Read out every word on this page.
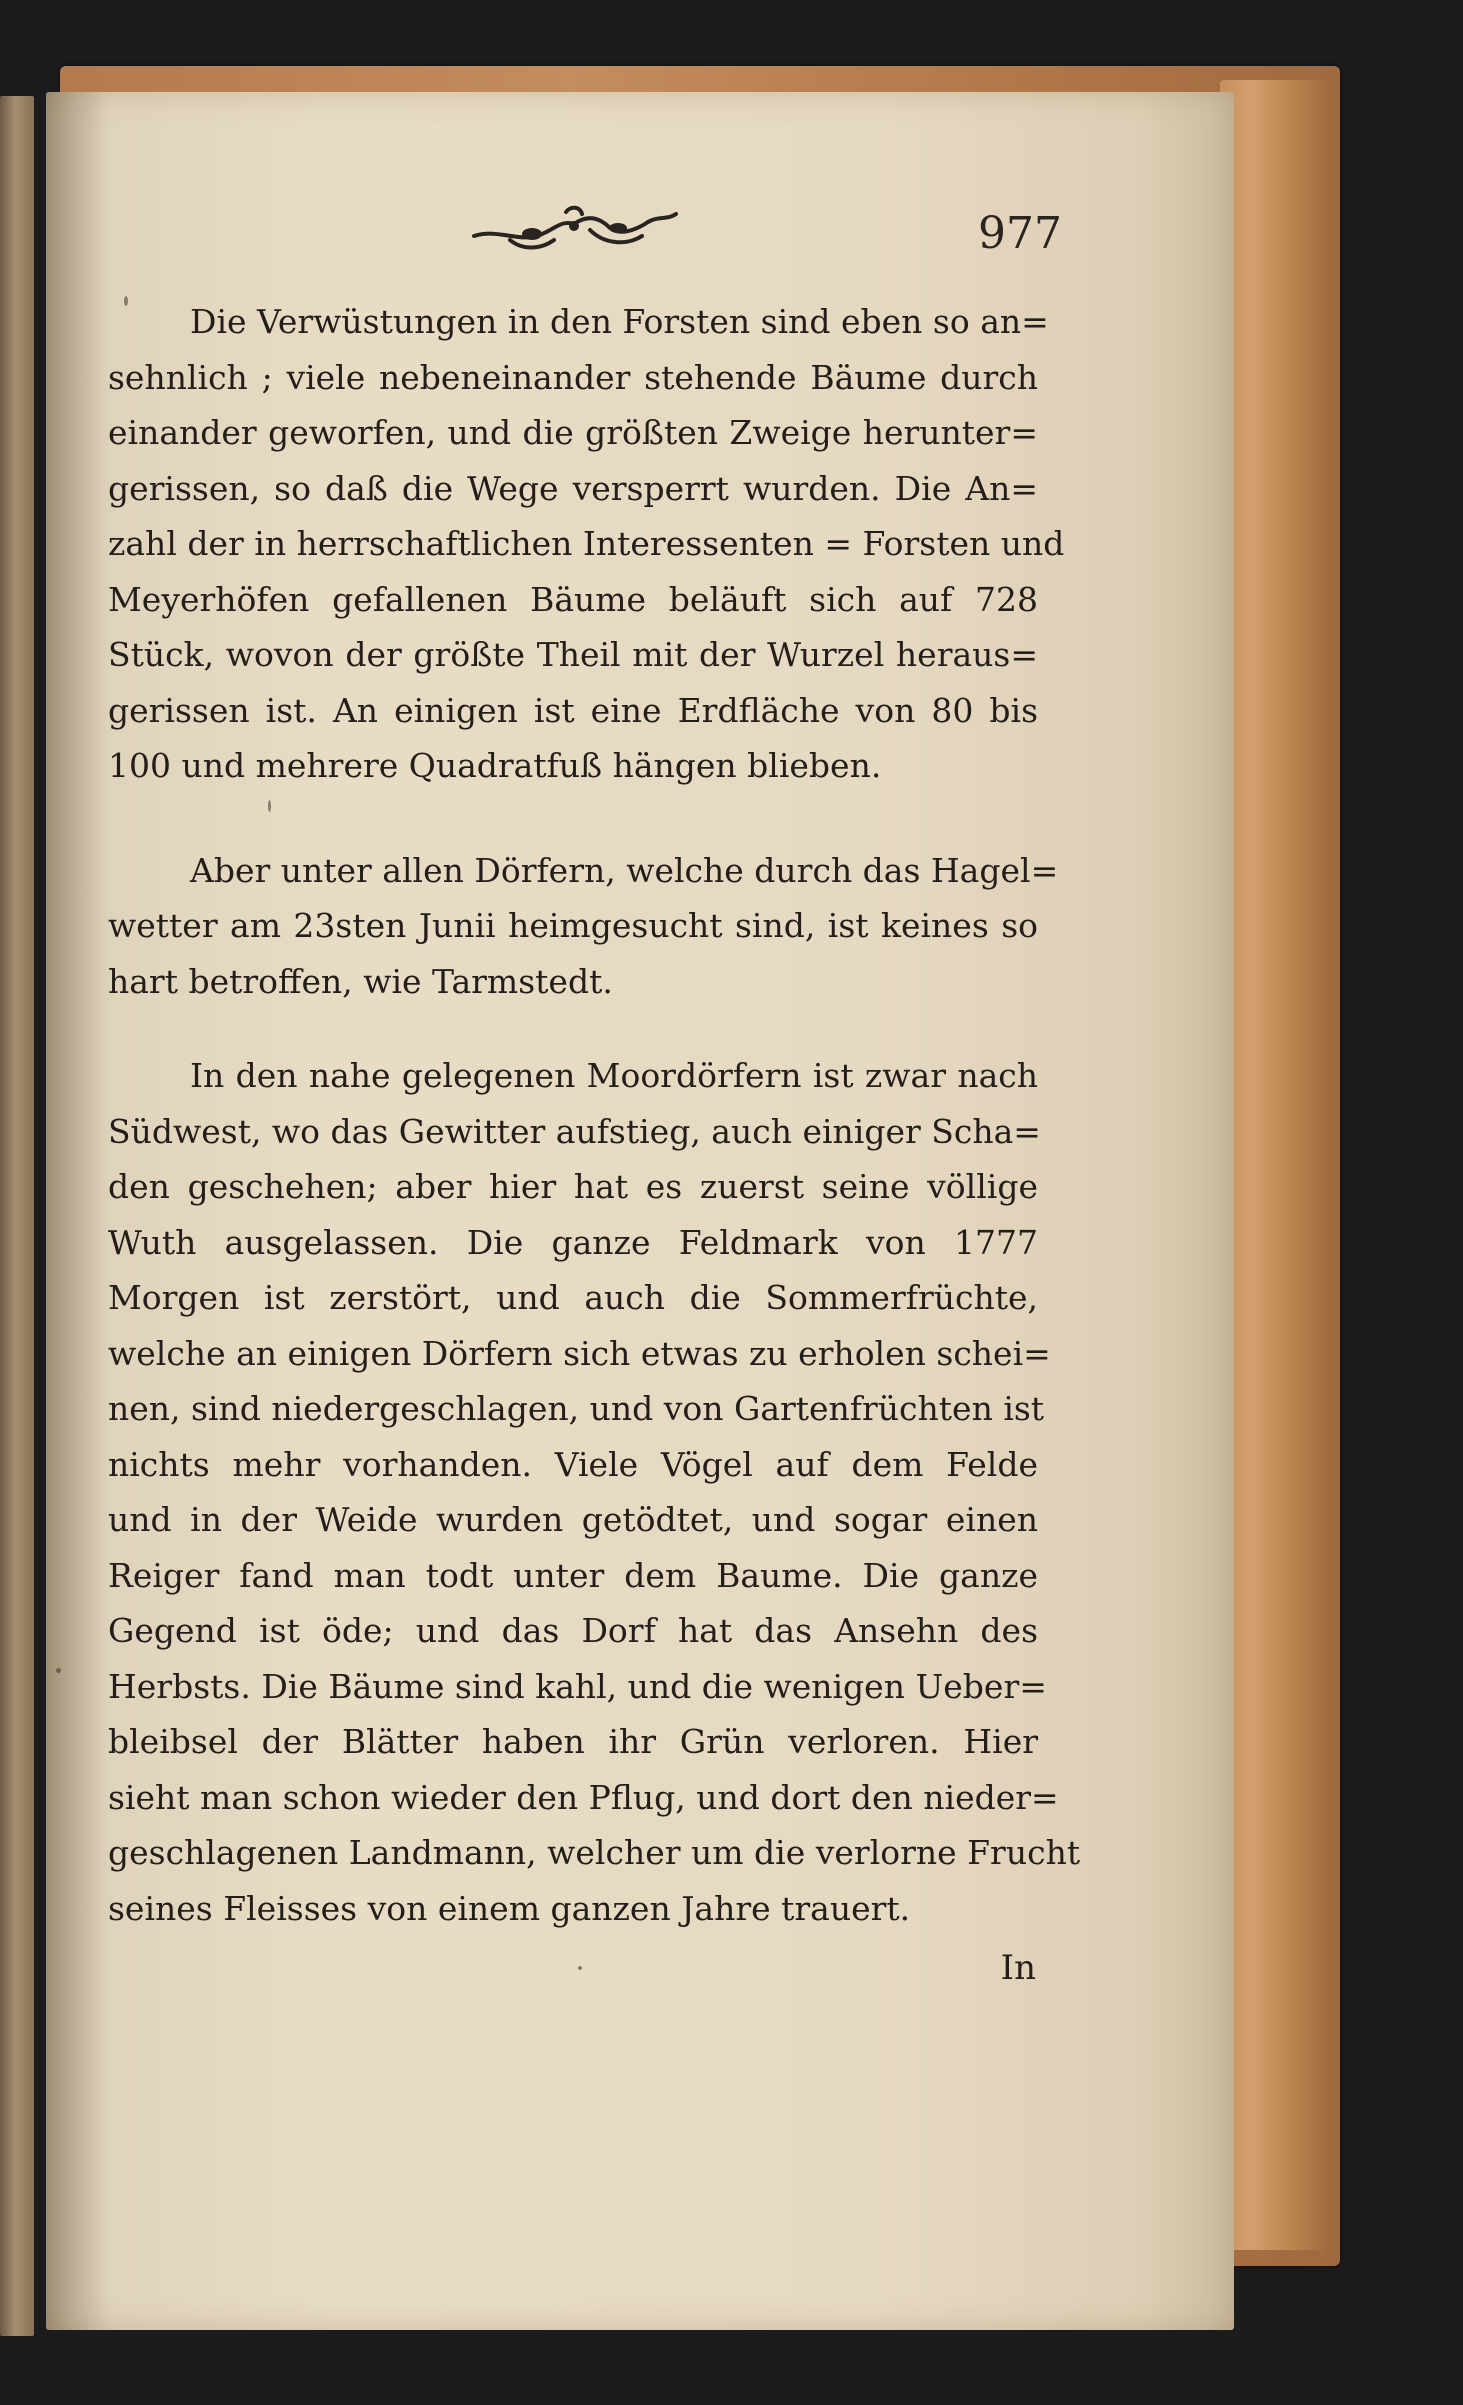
977

Die Verwüstungen in den Forsten sind eben so an=
sehnlich ; viele nebeneinander stehende Bäume durch
einander geworfen, und die größten Zweige herunter=
gerissen, so daß die Wege versperrt wurden. Die An=
zahl der in herrschaftlichen Interessenten = Forsten und
Meyerhöfen gefallenen Bäume beläuft sich auf 728
Stück, wovon der größte Theil mit der Wurzel heraus=
gerissen ist. An einigen ist eine Erdfläche von 80 bis
100 und mehrere Quadratfuß hängen blieben.

Aber unter allen Dörfern, welche durch das Hagel=
wetter am 23sten Junii heimgesucht sind, ist keines so
hart betroffen, wie Tarmstedt.

In den nahe gelegenen Moordörfern ist zwar nach
Südwest, wo das Gewitter aufstieg, auch einiger Scha=
den geschehen; aber hier hat es zuerst seine völlige
Wuth ausgelassen. Die ganze Feldmark von 1777
Morgen ist zerstört, und auch die Sommerfrüchte,
welche an einigen Dörfern sich etwas zu erholen schei=
nen, sind niedergeschlagen, und von Gartenfrüchten ist
nichts mehr vorhanden. Viele Vögel auf dem Felde
und in der Weide wurden getödtet, und sogar einen
Reiger fand man todt unter dem Baume. Die ganze
Gegend ist öde; und das Dorf hat das Ansehn des
Herbsts. Die Bäume sind kahl, und die wenigen Ueber=
bleibsel der Blätter haben ihr Grün verloren. Hier
sieht man schon wieder den Pflug, und dort den nieder=
geschlagenen Landmann, welcher um die verlorne Frucht
seines Fleisses von einem ganzen Jahre trauert.

In
